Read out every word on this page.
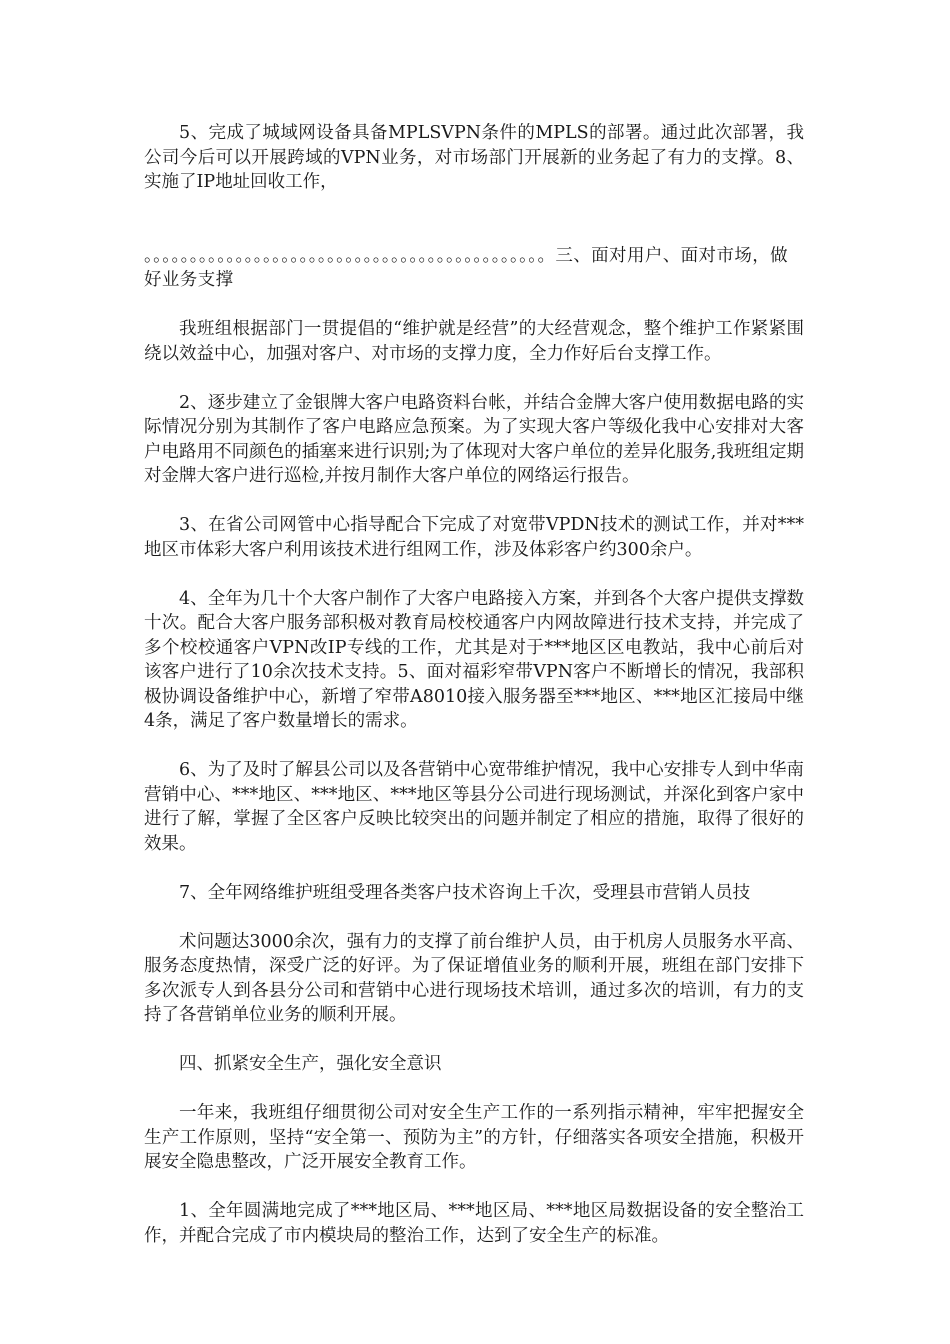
5、完成了城域网设备具备MPLSVPN条件的MPLS的部署。通过此次部署，我公司今后可以开展跨域的VPN业务，对市场部门开展新的业务起了有力的支撑。8、实施了IP地址回收工作，

。。。。。。。。。。。。。。。。。。。。。。。。。。。。。。。。。。。。。。。。。。。。三、面对用户、面对市场，做好业务支撑

我班组根据部门一贯提倡的“维护就是经营”的大经营观念，整个维护工作紧紧围绕以效益中心，加强对客户、对市场的支撑力度，全力作好后台支撑工作。

2、逐步建立了金银牌大客户电路资料台帐，并结合金牌大客户使用数据电路的实际情况分别为其制作了客户电路应急预案。为了实现大客户等级化我中心安排对大客户电路用不同颜色的插塞来进行识别;为了体现对大客户单位的差异化服务,我班组定期对金牌大客户进行巡检,并按月制作大客户单位的网络运行报告。

3、在省公司网管中心指导配合下完成了对宽带VPDN技术的测试工作，并对***地区市体彩大客户利用该技术进行组网工作，涉及体彩客户约300余户。

4、全年为几十个大客户制作了大客户电路接入方案，并到各个大客户提供支撑数十次。配合大客户服务部积极对教育局校校通客户内网故障进行技术支持，并完成了多个校校通客户VPN改IP专线的工作，尤其是对于***地区区电教站，我中心前后对该客户进行了10余次技术支持。5、面对福彩窄带VPN客户不断增长的情况，我部积极协调设备维护中心，新增了窄带A8010接入服务器至***地区、***地区汇接局中继4条，满足了客户数量增长的需求。

6、为了及时了解县公司以及各营销中心宽带维护情况，我中心安排专人到中华南营销中心、***地区、***地区、***地区等县分公司进行现场测试，并深化到客户家中进行了解，掌握了全区客户反映比较突出的问题并制定了相应的措施，取得了很好的效果。

7、全年网络维护班组受理各类客户技术咨询上千次，受理县市营销人员技

术问题达3000余次，强有力的支撑了前台维护人员，由于机房人员服务水平高、服务态度热情，深受广泛的好评。为了保证增值业务的顺利开展，班组在部门安排下多次派专人到各县分公司和营销中心进行现场技术培训，通过多次的培训，有力的支持了各营销单位业务的顺利开展。

四、抓紧安全生产，强化安全意识

一年来，我班组仔细贯彻公司对安全生产工作的一系列指示精神，牢牢把握安全生产工作原则，坚持“安全第一、预防为主”的方针，仔细落实各项安全措施，积极开展安全隐患整改，广泛开展安全教育工作。

1、全年圆满地完成了***地区局、***地区局、***地区局数据设备的安全整治工作，并配合完成了市内模块局的整治工作，达到了安全生产的标准。
